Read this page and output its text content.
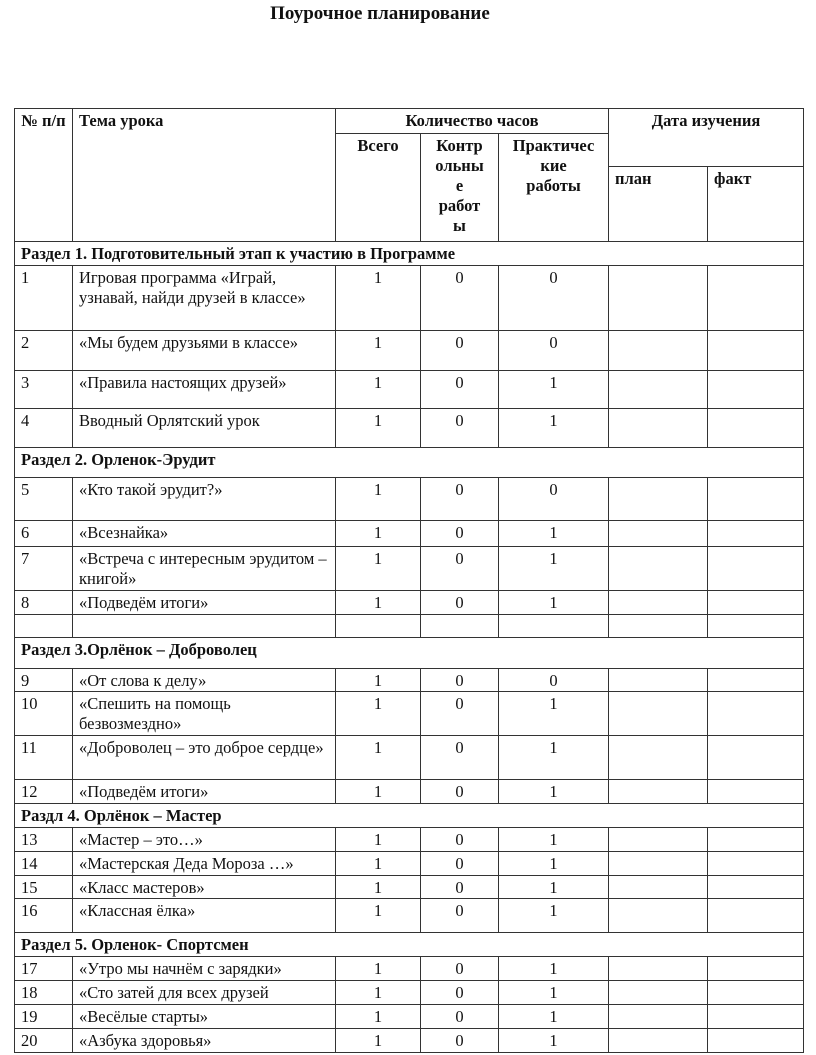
Поурочное планирование
№ п/п	Тема урока	Количество часов			Дата изучения	
		Всего	Контр ольны е работ ы	Практичес кие работы		
					план	факт
Раздел 1. Подготовительный этап к участию в Программе						
1	Игровая программа «Играй, узнавай, найди друзей в классе»	1	0	0		
2	«Мы будем друзьями в классе»	1	0	0		
3	«Правила настоящих друзей»	1	0	1		
4	Вводный Орлятский урок	1	0	1		
Раздел 2. Орленок-Эрудит						
5	«Кто такой эрудит?»	1	0	0		
6	«Всезнайка»	1	0	1		
7	«Встреча с интересным эрудитом – книгой»	1	0	1		
8	«Подведём итоги»	1	0	1		

Раздел 3.Орлёнок – Доброволец						
9	«От слова к делу»	1	0	0		
10	«Спешить на помощь безвозмездно»	1	0	1		
11	«Доброволец – это доброе сердце»	1	0	1		
12	«Подведём итоги»	1	0	1		
Раздл 4. Орлёнок – Мастер						
13	«Мастер – это…»	1	0	1		
14	«Мастерская Деда Мороза …»	1	0	1		
15	«Класс мастеров»	1	0	1		
16	«Классная ёлка»	1	0	1		
Раздел 5. Орленок- Спортсмен						
17	«Утро мы начнём с зарядки»	1	0	1		
18	«Сто затей для всех друзей	1	0	1		
19	«Весёлые старты»	1	0	1		
20	«Азбука здоровья»	1	0	1		
